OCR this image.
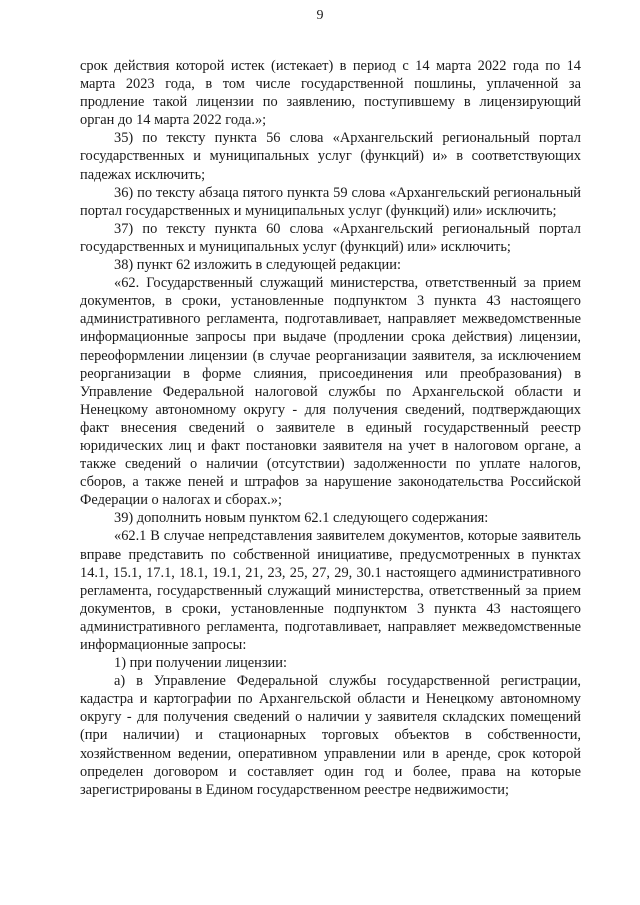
9

срок действия которой истек (истекает) в период с 14 марта 2022 года по 14 марта 2023 года, в том числе государственной пошлины, уплаченной за продление такой лицензии по заявлению, поступившему в лицензирующий орган до 14 марта 2022 года.»;

35) по тексту пункта 56 слова «Архангельский региональный портал государственных и муниципальных услуг (функций) и» в соответствующих падежах исключить;

36) по тексту абзаца пятого пункта 59 слова «Архангельский региональный портал государственных и муниципальных услуг (функций) или» исключить;

37) по тексту пункта 60 слова «Архангельский региональный портал государственных и муниципальных услуг (функций) или» исключить;

38) пункт 62 изложить в следующей редакции:

«62. Государственный служащий министерства, ответственный за прием документов, в сроки, установленные подпунктом 3 пункта 43 настоящего административного регламента, подготавливает, направляет межведомственные информационные запросы при выдаче (продлении срока действия) лицензии, переоформлении лицензии (в случае реорганизации заявителя, за исключением реорганизации в форме слияния, присоединения или преобразования) в Управление Федеральной налоговой службы по Архангельской области и Ненецкому автономному округу - для получения сведений, подтверждающих факт внесения сведений о заявителе в единый государственный реестр юридических лиц и факт постановки заявителя на учет в налоговом органе, а также сведений о наличии (отсутствии) задолженности по уплате налогов, сборов, а также пеней и штрафов за нарушение законодательства Российской Федерации о налогах и сборах.»;

39) дополнить новым пунктом 62.1 следующего содержания:

«62.1 В случае непредставления заявителем документов, которые заявитель вправе представить по собственной инициативе, предусмотренных в пунктах 14.1, 15.1, 17.1, 18.1, 19.1, 21, 23, 25, 27, 29, 30.1 настоящего административного регламента, государственный служащий министерства, ответственный за прием документов, в сроки, установленные подпунктом 3 пункта 43 настоящего административного регламента, подготавливает, направляет межведомственные информационные запросы:

1) при получении лицензии:

а) в Управление Федеральной службы государственной регистрации, кадастра и картографии по Архангельской области и Ненецкому автономному округу - для получения сведений о наличии у заявителя складских помещений (при наличии) и стационарных торговых объектов в собственности, хозяйственном ведении, оперативном управлении или в аренде, срок которой определен договором и составляет один год и более, права на которые зарегистрированы в Едином государственном реестре недвижимости;
